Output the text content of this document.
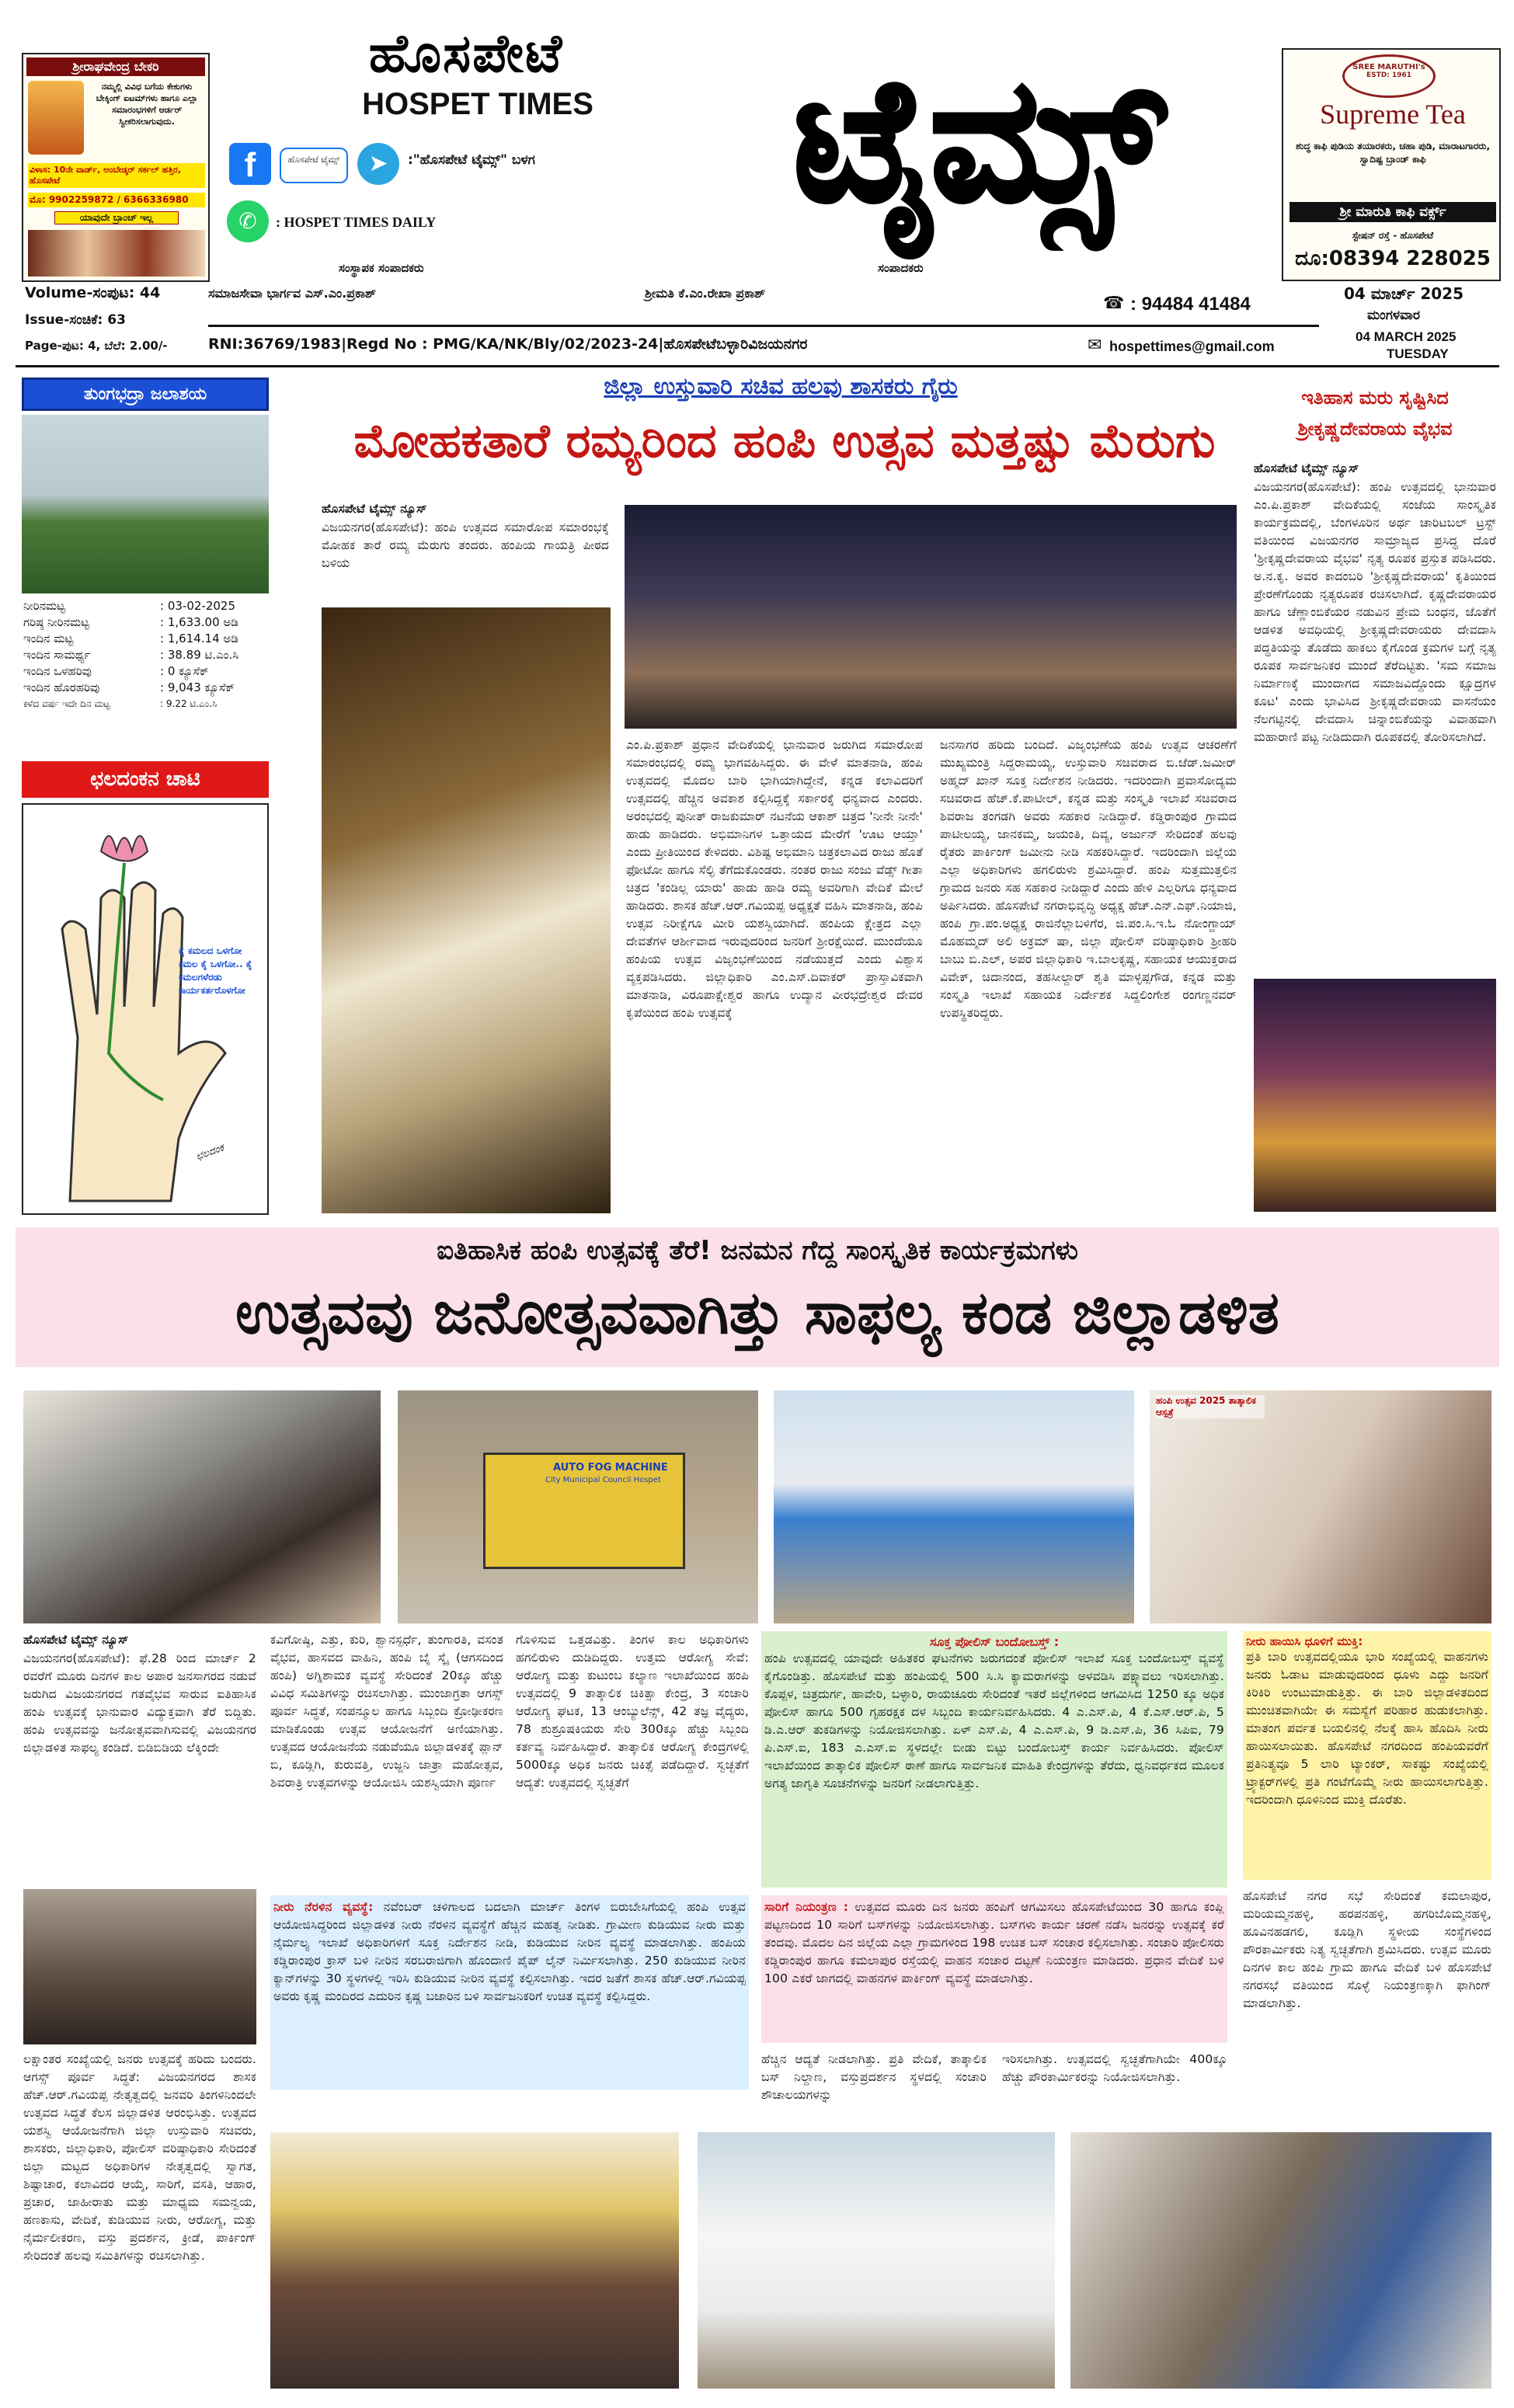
ಶ್ರೀರಾಘವೇಂದ್ರ ಬೇಕರಿ
ನಮ್ಮಲ್ಲಿ ವಿವಿಧ ಬಗೆಯ ಕೇಕುಗಳು ಬೇಕ್ಕಿಂಗ್ ಐಟಮ್‌ಗಳು ಹಾಗೂ ಎಲ್ಲಾ ಸಮಾರಂಭಗಳಿಗೆ ಆರ್ಡರ್ ಸ್ವೀಕರಿಸಲಾಗುವುದು.
ವಿಳಾಸ: 10ನೇ ವಾರ್ಡ್, ಅಂಬೇಡ್ಕರ್ ಸರ್ಕಲ್ ಹತ್ತಿರ, ಹೊಸಪೇಟೆ
ಮೊ: 9902259872 / 6366336980
ಯಾವುದೇ ಬ್ರಾಂಚ್ ಇಲ್ಲ
ಹೊಸಪೇಟೆ
HOSPET TIMES	ಟೈಮ್ಸ್
f	ಹೊಸಪೇಟೆ ಟೈಮ್ಸ್	➤	:"ಹೊಸಪೇಟೆ ಟೈಮ್ಸ್" ಬಳಗ
✆	: HOSPET TIMES DAILY
ಸಂಸ್ಥಾಪಕ ಸಂಪಾದಕರು	ಸಂಪಾದಕರು
SREE MARUTHI's
ESTD: 1961
Supreme Tea
ಶುದ್ಧ ಕಾಫಿ ಪುಡಿಯ ತಯಾರಕರು, ಚಹಾ ಪುಡಿ, ಮಾರಾಟಗಾರರು, ಸ್ವಾದಿಷ್ಟ ಬ್ರಾಂಡ್ ಕಾಫಿ
ಶ್ರೀ ಮಾರುತಿ ಕಾಫಿ ವರ್ಕ್ಸ್
ಸ್ಟೇಷನ್ ರಸ್ತೆ - ಹೊಸಪೇಟೆ
ದೂ:08394 228025
Volume-ಸಂಪುಟ: 44
Issue-ಸಂಚಿಕೆ: 63
Page-ಪುಟ: 4, ಬೆಲೆ: 2.00/-
ಸಮಾಜಸೇವಾ ಭಾರ್ಗವ ಎಸ್.ಎಂ.ಪ್ರಕಾಶ್	ಶ್ರೀಮತಿ ಕೆ.ಎಂ.ರೇಖಾ ಪ್ರಕಾಶ್
☎ : 94484 41484	04 ಮಾರ್ಚ್ 2025
ಮಂಗಳವಾರ
RNI:36769/1983|Regd No : PMG/KA/NK/Bly/02/2023-24|ಹೊಸಪೇಟೆಬಳ್ಳಾರಿವಿಜಯನಗರ	✉ hospettimes@gmail.com
04 MARCH 2025
TUESDAY
ತುಂಗಭದ್ರಾ ಜಲಾಶಯ
ನೀರಿನಮಟ್ಟ	: 03-02-2025
ಗರಿಷ್ಠ ನೀರಿನಮಟ್ಟ	: 1,633.00 ಅಡಿ
ಇಂದಿನ ಮಟ್ಟ	: 1,614.14 ಅಡಿ
ಇಂದಿನ ಸಾಮರ್ಥ್ಯ	: 38.89 ಟಿ.ಎಂ.ಸಿ
ಇಂದಿನ ಒಳಹರಿವು	: 0 ಕ್ಯೂಸೆಕ್
ಇಂದಿನ ಹೊರಹರಿವು	: 9,043 ಕ್ಯೂಸೆಕ್
ಕಳೆದ ವರ್ಷ ಇದೇ ದಿನ ಮಟ್ಟ	: 9.22 ಟಿ.ಎಂ.ಸಿ
ಛಲದಂಕನ ಚಾಟಿ
ಕೈ ಕಮಲದ ಒಳಗೋ ಕಮಲ ಕೈ ಒಳಗೋ.. ಕೈ ಕಮಲಗಳೆರಡು ಕಾರ್ಯಕರ್ತರೊಳಗೋ
ಛಲದಂಕ
ಜಿಲ್ಲಾ ಉಸ್ತುವಾರಿ ಸಚಿವ ಹಲವು ಶಾಸಕರು ಗೈರು
ಮೋಹಕತಾರೆ ರಮ್ಯರಿಂದ ಹಂಪಿ ಉತ್ಸವ ಮತ್ತಷ್ಟು ಮೆರುಗು
ಹೊಸಪೇಟೆ ಟೈಮ್ಸ್ ನ್ಯೂಸ್
ವಿಜಯನಗರ(ಹೊಸಪೇಟೆ): ಹಂಪಿ ಉತ್ಸವದ ಸಮಾರೋಪ ಸಮಾರಂಭಕ್ಕೆ ಮೋಹಕ ತಾರೆ ರಮ್ಯ ಮೆರುಗು ತಂದರು. ಹಂಪಿಯ ಗಾಯತ್ರಿ ಪೀಠದ ಬಳಿಯ
ಎಂ.ಪಿ.ಪ್ರಕಾಶ್ ಪ್ರಧಾನ ವೇದಿಕೆಯಲ್ಲಿ ಭಾನುವಾರ ಜರುಗಿದ ಸಮಾರೋಪ ಸಮಾರಂಭದಲ್ಲಿ ರಮ್ಯ ಭಾಗವಹಿಸಿದ್ದರು. ಈ ವೇಳೆ ಮಾತನಾಡಿ, ಹಂಪಿ ಉತ್ಸವದಲ್ಲಿ ಮೊದಲ ಬಾರಿ ಭಾಗಿಯಾಗಿದ್ದೇನೆ, ಕನ್ನಡ ಕಲಾವಿದರಿಗೆ ಉತ್ಸವದಲ್ಲಿ ಹೆಚ್ಚಿನ ಅವಕಾಶ ಕಲ್ಪಿಸಿದ್ದಕ್ಕೆ ಸರ್ಕಾರಕ್ಕೆ ಧನ್ಯವಾದ ಎಂದರು. ಅರಂಭದಲ್ಲಿ ಪುನೀತ್ ರಾಜಕುಮಾರ್ ನಟನೆಯ ಆಕಾಶ್ ಚಿತ್ರದ 'ನೀನೇ ನೀನೇ' ಹಾಡು ಹಾಡಿದರು. ಅಭಿಮಾನಿಗಳ ಒತ್ತಾಯದ ಮೇರೆಗೆ 'ಊಟ ಆಯ್ತಾ' ಎಂದು ಪ್ರೀತಿಯಿಂದ ಕೇಳಿದರು. ವಿಶಿಷ್ಟ ಅಭಿಮಾನಿ ಚಿತ್ರಕಲಾವಿದ ರಾಜು ಹೊತೆ ಫೋಟೋ ಹಾಗೂ ಸೆಲ್ಫಿ ತೆಗೆದುಕೊಂಡರು. ನಂತರ ರಾಜು ಸಂಜು ವೆಡ್ಸ್ ಗೀತಾ ಚಿತ್ರದ 'ಕಂಡಿಲ್ಲ ಯಾರು' ಹಾಡು ಹಾಡಿ ರಮ್ಯ ಅವರಿಗಾಗಿ ವೇದಿಕೆ ಮೇಲೆ ಹಾಡಿದರು. ಶಾಸಕ ಹೆಚ್.ಆರ್.ಗವಿಯಪ್ಪ ಅಧ್ಯಕ್ಷತೆ ವಹಿಸಿ ಮಾತನಾಡಿ, ಹಂಪಿ ಉತ್ಸವ ನಿರೀಕ್ಷೆಗೂ ಮೀರಿ ಯಶಸ್ವಿಯಾಗಿದೆ. ಹಂಪಿಯ ಕ್ಷೇತ್ರದ ಎಲ್ಲಾ ದೇವತೆಗಳ ಆರ್ಶೀವಾದ ಇರುವುದರಿಂದ ಜನರಿಗೆ ಶ್ರೀರಕ್ಷೆಯಿದೆ. ಮುಂದೆಯೂ ಹಂಪಿಯ ಉತ್ಸವ ವಿಜೃಂಭಣೆಯಿಂದ ನಡೆಯುತ್ತದೆ ಎಂದು ವಿಶ್ವಾಸ ವ್ಯಕ್ತಪಡಿಸಿದರು. ಜಿಲ್ಲಾಧಿಕಾರಿ ಎಂ.ಎಸ್.ದಿವಾಕರ್ ಪ್ರಾಸ್ತಾವಿಕವಾಗಿ ಮಾತನಾಡಿ, ವಿರೂಪಾಕ್ಷೇಶ್ವರ ಹಾಗೂ ಉದ್ಯಾನ ವೀರಭದ್ರೇಶ್ವರ ದೇವರ ಕೃಪೆಯಿಂದ ಹಂಪಿ ಉತ್ಸವಕ್ಕೆ
ಜನಸಾಗರ ಹರಿದು ಬಂದಿದೆ. ವಿಜೃಂಭಣೆಯ ಹಂಪಿ ಉತ್ಸವ ಆಚರಣೆಗೆ ಮುಖ್ಯಮಂತ್ರಿ ಸಿದ್ದರಾಮಯ್ಯ, ಉಸ್ತುವಾರಿ ಸಚಿವರಾದ ಬಿ.ಜೆಡ್.ಜಮೀರ್ ಅಹ್ಮದ್ ಖಾನ್ ಸೂಕ್ತ ನಿರ್ದೇಶನ ನೀಡಿದರು. ಇದರಿಂದಾಗಿ ಪ್ರವಾಸೋದ್ಯಮ ಸಚಿವರಾದ ಹೆಚ್.ಕೆ.ಪಾಟೀಲ್, ಕನ್ನಡ ಮತ್ತು ಸಂಸ್ಕೃತಿ ಇಲಾಖೆ ಸಚಿವರಾದ ಶಿವರಾಜ ತಂಗಡಗಿ ಅವರು ಸಹಕಾರ ನೀಡಿದ್ದಾರೆ. ಕಡ್ಡಿರಾಂಪುರ ಗ್ರಾಮದ ಪಾಟೀಲಯ್ಯ, ಜಾನಕಮ್ಮ, ಜಯಂತಿ, ದಿವ್ಯ, ಅರ್ಜುನ್ ಸೇರಿದಂತೆ ಹಲವು ರೈತರು ಪಾರ್ಕಿಂಗ್ ಜಮೀನು ನೀಡಿ ಸಹಕರಿಸಿದ್ದಾರೆ. ಇದರಿಂದಾಗಿ ಜಿಲ್ಲೆಯ ಎಲ್ಲಾ ಅಧಿಕಾರಿಗಳು ಹಗಲಿರುಳು ಶ್ರಮಿಸಿದ್ದಾರೆ. ಹಂಪಿ ಸುತ್ತಮುತ್ತಲಿನ ಗ್ರಾಮದ ಜನರು ಸಹ ಸಹಕಾರ ನೀಡಿದ್ದಾರೆ ಎಂದು ಹೇಳಿ ಎಲ್ಲರಿಗೂ ಧನ್ಯವಾದ ಅರ್ಪಿಸಿದರು. ಹೊಸಪೇಟೆ ನಗರಾಭಿವೃದ್ಧಿ ಅಧ್ಯಕ್ಷ ಹೆಚ್.ಎನ್.ಎಫ್.ನಿಯಾಜಿ, ಹಂಪಿ ಗ್ರಾ.ಪಂ.ಅಧ್ಯಕ್ಷ ರಾಜಿನೆಲ್ಲಾಬಳಿಗೆರ, ಜಿ.ಪಂ.ಸಿ.ಇ.ಓ ನೋಂಗ್ಜಾಯ್ ಮೊಹಮ್ಮದ್ ಅಲಿ ಅಕ್ರಮ್ ಷಾ, ಜಿಲ್ಲಾ ಪೋಲಿಸ್ ವರಿಷ್ಠಾಧಿಕಾರಿ ಶ್ರೀಹರಿ ಬಾಬು ಬಿ.ಎಲ್, ಅಪರ ಜಿಲ್ಲಾಧಿಕಾರಿ ಇ.ಬಾಲಕೃಷ್ಣ, ಸಹಾಯಕ ಆಯುಕ್ತರಾದ ವಿವೇಕ್, ಚಿದಾನಂದ, ತಹಸೀಲ್ದಾರ್ ಶೃತಿ ಮಾಳ್ಳಪ್ಪಗೌಡ, ಕನ್ನಡ ಮತ್ತು ಸಂಸ್ಕೃತಿ ಇಲಾಖೆ ಸಹಾಯಕ ನಿರ್ದೇಶಕ ಸಿದ್ದಲಿಂಗೇಶ ರಂಗಣ್ಣನವರ್ ಉಪಸ್ಥಿತರಿದ್ದರು.
ಇತಿಹಾಸ ಮರು ಸೃಷ್ಟಿಸಿದ ಶ್ರೀಕೃಷ್ಣದೇವರಾಯ ವೈಭವ
ಹೊಸಪೇಟೆ ಟೈಮ್ಸ್ ನ್ಯೂಸ್
ವಿಜಯನಗರ(ಹೊಸಪೇಟೆ): ಹಂಪಿ ಉತ್ಸವದಲ್ಲಿ ಭಾನುವಾರ ಎಂ.ಪಿ.ಪ್ರಕಾಶ್ ವೇದಿಕೆಯಲ್ಲಿ ಸಂಜೆಯ ಸಾಂಸ್ಕೃತಿಕ ಕಾರ್ಯಕ್ರಮದಲ್ಲಿ, ಬೆಂಗಳೂರಿನ ಅರ್ಥ ಚಾರಿಟಬಲ್ ಟ್ರಸ್ಟ್ ವತಿಯಿಂದ ವಿಜಯನಗರ ಸಾಮ್ರಾಜ್ಯದ ಪ್ರಸಿದ್ಧ ದೊರೆ 'ಶ್ರೀಕೃಷ್ಣದೇವರಾಯ ವೈಭವ' ನೃತ್ಯ ರೂಪಕ ಪ್ರಸ್ತುತ ಪಡಿಸಿದರು. ಅ.ನ.ಕೃ. ಅವರ ಕಾದಂಬರಿ 'ಶ್ರೀಕೃಷ್ಣದೇವರಾಯ' ಕೃತಿಯಿಂದ ಪ್ರೇರಣೆಗೊಂಡು ನೃತ್ಯರೂಪಕ ರಚಿಸಲಾಗಿದೆ. ಕೃಷ್ಣದೇವರಾಯರ ಹಾಗೂ ಚೆಣ್ಣಾಂಬಿಕೆಯರ ನಡುವಿನ ಪ್ರೇಮ ಬಂಧನ, ಜೊತೆಗೆ ಆಡಳಿತ ಅವಧಿಯಲ್ಲಿ ಶ್ರೀಕೃಷ್ಣದೇವರಾಯರು ದೇವದಾಸಿ ಪದ್ಧತಿಯನ್ನು ತೊಡೆದು ಹಾಕಲು ಕೈಗೊಂಡ ಕ್ರಮಗಳ ಬಗ್ಗೆ ನೃತ್ಯ ರೂಪಕ ಸಾರ್ವಜನಿಕರ ಮುಂದೆ ತೆರೆದಿಟ್ಟಿತು. 'ಸಮ ಸಮಾಜ ನಿರ್ಮಾಣಕ್ಕೆ ಮುಂದಾಗದ ಸಮಾಜವಿದ್ದೊಂದು ಕ್ಷೂದ್ರಗಳ ಕೂಟ' ಎಂದು ಭಾವಿಸಿದ ಶ್ರೀಕೃಷ್ಣದೇವರಾಯ ವಾಸನೆಯಂ ನೆಲಗಟ್ಟಿನಲ್ಲಿ ದೇವದಾಸಿ ಚಿನ್ನಾಂಬಿಕೆಯನ್ನು ವಿವಾಹವಾಗಿ ಮಹಾರಾಣಿ ಪಟ್ಟ ನೀಡಿದುದಾಗಿ ರೂಪಕದಲ್ಲಿ ತೋರಿಸಲಾಗಿದೆ.
ಐತಿಹಾಸಿಕ ಹಂಪಿ ಉತ್ಸವಕ್ಕೆ ತೆರೆ! ಜನಮನ ಗೆದ್ದ ಸಾಂಸ್ಕೃತಿಕ ಕಾರ್ಯಕ್ರಮಗಳು
ಉತ್ಸವವು ಜನೋತ್ಸವವಾಗಿತ್ತು ಸಾಫಲ್ಯ ಕಂಡ ಜಿಲ್ಲಾಡಳಿತ
AUTO FOG MACHINE
City Municipal Council Hospet
ಹಂಪಿ ಉತ್ಸವ 2025 ತಾತ್ಕಾಲಿಕ ಆಸ್ಪತ್ರೆ
ಹೊಸಪೇಟೆ ಟೈಮ್ಸ್ ನ್ಯೂಸ್
ವಿಜಯನಗರ(ಹೊಸಪೇಟೆ): ಫೆ.28 ರಿಂದ ಮಾರ್ಚ್ 2 ರವರೆಗೆ ಮೂರು ದಿನಗಳ ಕಾಲ ಅಪಾರ ಜನಸಾಗರದ ನಡುವೆ ಜರುಗಿದ ವಿಜಯನಗರದ ಗತವೈಭವ ಸಾರುವ ಐತಿಹಾಸಿಕ ಹಂಪಿ ಉತ್ಸವಕ್ಕೆ ಭಾನುವಾರ ವಿದ್ಯುಕ್ತವಾಗಿ ತೆರೆ ಬಿದ್ದಿತು. ಹಂಪಿ ಉತ್ಸವವನ್ನು ಜನೋತ್ಸವವಾಗಿಸುವಲ್ಲಿ ವಿಜಯನಗರ ಜಿಲ್ಲಾಡಳಿತ ಸಾಫಲ್ಯ ಕಂಡಿದೆ. ಬಿಡಿಬಿಡಿಯ ಲೆಕ್ಕಿಂದೇ
ಲಕ್ಷಾಂತರ ಸಂಖ್ಯೆಯಲ್ಲಿ ಜನರು ಉತ್ಸವಕ್ಕೆ ಹರಿದು ಬಂದರು. ಆಗಸ್ಸ್ ಪೂರ್ವ ಸಿದ್ಧತೆ: ವಿಜಯನಗರದ ಶಾಸಕ ಹೆಚ್.ಆರ್.ಗವಿಯಪ್ಪ ನೇತೃತ್ವದಲ್ಲಿ ಜನವರಿ ತಿಂಗಳಿನಿಂದಲೇ ಉತ್ಸವದ ಸಿದ್ಧತೆ ಕೆಲಸ ಜಿಲ್ಲಾಡಳಿತ ಆರಂಭಿಸಿತ್ತು. ಉತ್ಸವದ ಯಶಸ್ವಿ ಆಯೋಜನೆಗಾಗಿ ಜಿಲ್ಲಾ ಉಸ್ತುವಾರಿ ಸಚಿವರು, ಶಾಸಕರು, ಜಿಲ್ಲಾಧಿಕಾರಿ, ಪೋಲಿಸ್ ವರಿಷ್ಠಾಧಿಕಾರಿ ಸೇರಿದಂತೆ ಜಿಲ್ಲಾ ಮಟ್ಟದ ಅಧಿಕಾರಿಗಳ ನೇತೃತ್ವದಲ್ಲಿ ಸ್ವಾಗತ, ಶಿಷ್ಟಾಚಾರ, ಕಲಾವಿದರ ಆಯ್ಕೆ, ಸಾರಿಗೆ, ವಸತಿ, ಆಹಾರ, ಪ್ರಚಾರ, ಜಾಹೀರಾತು ಮತ್ತು ಮಾಧ್ಯಮ ಸಮನ್ವಯ, ಹಣಕಾಸು, ವೇದಿಕೆ, ಕುಡಿಯುವ ನೀರು, ಆರೋಗ್ಯ, ಮತ್ತು ನೈರ್ಮಲೀಕರಣ, ವಸ್ತು ಪ್ರದರ್ಶನ, ಕ್ರೀಡೆ, ಪಾರ್ಕಿಂಗ್ ಸೇರಿದಂತೆ ಹಲವು ಸಮಿತಿಗಳನ್ನು ರಚಿಸಲಾಗಿತ್ತು.
ಕವಿಗೋಷ್ಠಿ, ಎತ್ತು, ಕುರಿ, ಶ್ವಾನಸ್ಪರ್ಧೆ, ತುಂಗಾರತಿ, ವಸಂತ ವೈಭವ, ಹಾಸವದ ವಾಹಿನಿ, ಹಂಪಿ ಬೈ ಸ್ಕೈ (ಆಗಸದಿಂದ ಹಂಪಿ) ಅಗ್ನಿಶಾಮಕ ವ್ಯವಸ್ಥೆ ಸೇರಿದಂತೆ 20ಕ್ಕೂ ಹೆಚ್ಚು ವಿವಿಧ ಸಮಿತಿಗಳನ್ನು ರಚಿಸಲಾಗಿತ್ತು. ಮುಂಜಾಗ್ರತಾ ಆಗಸ್ಸ್ ಪೂರ್ವ ಸಿದ್ಧತೆ, ಸಂಪನ್ಮೂಲ ಹಾಗೂ ಸಿಬ್ಬಂದಿ ಕ್ರೋಢೀಕರಣ ಮಾಡಿಕೊಂಡು ಉತ್ಸವ ಆಯೋಜನೆಗೆ ಅಣಿಯಾಗಿತ್ತು. ಉತ್ಸವದ ಆಯೋಜನೆಯ ನಡುವೆಯೂ ಜಿಲ್ಲಾಡಳಿತಕ್ಕೆ ಪ್ಲಾನ್ ಬಿ, ಕೂಡ್ಲಿಗಿ, ಕುರುವತ್ತಿ, ಉಜ್ಜನಿ ಜಾತ್ರಾ ಮಹೋತ್ಸವ, ಶಿವರಾತ್ರಿ ಉತ್ಸವಗಳನ್ನು ಆಯೋಜಿಸಿ ಯಶಸ್ವಿಯಾಗಿ ಪೂರ್ಣ
ಗೊಳಿಸುವ ಒತ್ತಡವಿತ್ತು. ತಿಂಗಳ ಕಾಲ ಅಧಿಕಾರಿಗಳು ಹಗಲಿರುಳು ದುಡಿದಿದ್ದರು. ಉತ್ತಮ ಆರೋಗ್ಯ ಸೇವೆ: ಆರೋಗ್ಯ ಮತ್ತು ಕುಟುಂಬ ಕಲ್ಯಾಣ ಇಲಾಖೆಯಿಂದ ಹಂಪಿ ಉತ್ಸವದಲ್ಲಿ 9 ತಾತ್ಕಾಲಿಕ ಚಿಕಿತ್ಸಾ ಕೇಂದ್ರ, 3 ಸಂಚಾರಿ ಆರೋಗ್ಯ ಘಟಕ, 13 ಆಂಬ್ಯುಲೆನ್ಸ್, 42 ತಜ್ಞ ವೈದ್ಯರು, 78 ಶುಶ್ರೂಷಕಿಯರು ಸೇರಿ 300ಕ್ಕೂ ಹೆಚ್ಚು ಸಿಬ್ಬಂದಿ ಕರ್ತವ್ಯ ನಿರ್ವಹಿಸಿದ್ದಾರೆ. ತಾತ್ಕಾಲಿಕ ಆರೋಗ್ಯ ಕೇಂದ್ರಗಳಲ್ಲಿ 5000ಕ್ಕೂ ಅಧಿಕ ಜನರು ಚಿಕಿತ್ಸೆ ಪಡೆದಿದ್ದಾರೆ. ಸ್ವಚ್ಛತೆಗೆ ಆದ್ಯತೆ: ಉತ್ಸವದಲ್ಲಿ ಸ್ವಚ್ಛತೆಗೆ
ಸೂಕ್ತ ಪೋಲಿಸ್ ಬಂದೋಬಸ್ತ್ :
ಹಂಪಿ ಉತ್ಸವದಲ್ಲಿ ಯಾವುದೇ ಅಹಿತಕರ ಘಟನೆಗಳು ಜರುಗದಂತೆ ಪೋಲಿಸ್ ಇಲಾಖೆ ಸೂಕ್ತ ಬಂದೋಬಸ್ತ್ ವ್ಯವಸ್ಥೆ ಕೈಗೊಂಡಿತ್ತು. ಹೊಸಪೇಟೆ ಮತ್ತು ಹಂಪಿಯಲ್ಲಿ 500 ಸಿ.ಸಿ ಕ್ಯಾಮರಾಗಳನ್ನು ಅಳವಡಿಸಿ ಪಕ್ಷ್ಯಾವಲು ಇರಿಸಲಾಗಿತ್ತು. ಕೊಪ್ಪಳ, ಚಿತ್ರದುರ್ಗ, ಹಾವೇರಿ, ಬಳ್ಳಾರಿ, ರಾಯಚೂರು ಸೇರಿದಂತೆ ಇತರೆ ಜಿಲ್ಲೆಗಳಿಂದ ಆಗಮಿಸಿದ 1250 ಕ್ಕೂ ಅಧಿಕ ಪೋಲಿಸ್ ಹಾಗೂ 500 ಗೃಹರಕ್ಷಕ ದಳ ಸಿಬ್ಬಂದಿ ಕಾರ್ಯನಿರ್ವಹಿಸಿದರು. 4 ಎ.ಎಸ್.ಪಿ, 4 ಕೆ.ಎಸ್.ಆರ್.ಪಿ, 5 ಡಿ.ಎ.ಆರ್ ತುಕಡಿಗಳನ್ನು ನಿಯೋಜಿಸಲಾಗಿತ್ತು. ಏಳ್ ಎಸ್.ಪಿ, 4 ಎ.ಎಸ್.ಪಿ, 9 ಡಿ.ಎಸ್.ಪಿ, 36 ಸಿಪಿಐ, 79 ಪಿ.ಎಸ್.ಐ, 183 ಎ.ಎಸ್.ಐ ಸ್ಥಳದಲ್ಲೇ ಬೀಡು ಬಿಟ್ಟು ಬಂದೋಬಸ್ತ್ ಕಾರ್ಯ ನಿರ್ವಹಿಸಿದರು. ಪೋಲಿಸ್ ಇಲಾಖೆಯಿಂದ ತಾತ್ಕಾಲಿಕ ಪೋಲಿಸ್ ಠಾಣೆ ಹಾಗೂ ಸಾರ್ವಜನಿಕ ಮಾಹಿತಿ ಕೇಂದ್ರಗಳನ್ನು ತೆರೆದು, ಧ್ವನಿವರ್ಧಕದ ಮೂಲಕ ಅಗತ್ಯ ಜಾಗೃತಿ ಸೂಚನೆಗಳನ್ನು ಜನರಿಗೆ ನೀಡಲಾಗುತ್ತಿತ್ತು.
ನೀರು ನೆರಳಿನ ವ್ಯವಸ್ಥೆ: ನವೆಂಬರ್ ಚಳಿಗಾಲದ ಬದಲಾಗಿ ಮಾರ್ಚ್ ತಿಂಗಳ ಬಿರುಬೇಸಿಗೆಯಲ್ಲಿ ಹಂಪಿ ಉತ್ಸವ ಆಯೋಜಿಸಿದ್ದರಿಂದ ಜಿಲ್ಲಾಡಳಿತ ನೀರು ನೆರಳಿನ ವ್ಯವಸ್ಥೆಗೆ ಹೆಚ್ಚಿನ ಮಹತ್ವ ನೀಡಿತು. ಗ್ರಾಮೀಣ ಕುಡಿಯುವ ನೀರು ಮತ್ತು ನೈರ್ಮಲ್ಯ ಇಲಾಖೆ ಅಧಿಕಾರಿಗಳಿಗೆ ಸೂಕ್ತ ನಿರ್ದೇಶನ ನೀಡಿ, ಕುಡಿಯುವ ನೀರಿನ ವ್ಯವಸ್ಥೆ ಮಾಡಲಾಗಿತ್ತು. ಹಂಪಿಯ ಕಡ್ಡಿರಾಂಪುರ ಕ್ರಾಸ್ ಬಳಿ ನೀರಿನ ಸರಬರಾಜಿಗಾಗಿ ಹೊಂದಾಣಿ ಪೈಪ್ ಲೈನ್ ನಿರ್ಮಿಸಲಾಗಿತ್ತು. 250 ಕುಡಿಯುವ ನೀರಿನ ಕ್ಯಾನ್‌ಗಳನ್ನು 30 ಸ್ಥಳಗಳಲ್ಲಿ ಇರಿಸಿ ಕುಡಿಯುವ ನೀರಿನ ವ್ಯವಸ್ಥೆ ಕಲ್ಪಿಸಲಾಗಿತ್ತು. ಇದರ ಜತೆಗೆ ಶಾಸಕ ಹೆಚ್.ಆರ್.ಗವಿಯಪ್ಪ ಅವರು ಕೃಷ್ಣ ಮಂದಿರದ ಎದುರಿನ ಕೃಷ್ಣ ಬಜಾರಿನ ಬಳಿ ಸಾರ್ವಜನಿಕರಿಗೆ ಉಚಿತ ವ್ಯವಸ್ಥೆ ಕಲ್ಪಿಸಿದ್ದರು.
ಸಾರಿಗೆ ನಿಯಂತ್ರಣ : ಉತ್ಸವದ ಮೂರು ದಿನ ಜನರು ಹಂಪಿಗೆ ಆಗಮಿಸಲು ಹೊಸಪೇಟೆಯಿಂದ 30 ಹಾಗೂ ಕಂಪ್ಲಿ ಪಟ್ಟಣದಿಂದ 10 ಸಾರಿಗೆ ಬಸ್‌ಗಳನ್ನು ನಿಯೋಜಿಸಲಾಗಿತ್ತು. ಬಸ್‌ಗಳು ಕಾರ್ಯ ಚರಣೆ ನಡೆಸಿ ಜನರನ್ನು ಉತ್ಸವಕ್ಕೆ ಕರೆ ತಂದವು. ಮೊದಲ ದಿನ ಜಿಲ್ಲೆಯ ಎಲ್ಲಾ ಗ್ರಾಮಗಳಿಂದ 198 ಉಚಿತ ಬಸ್ ಸಂಚಾರ ಕಲ್ಪಿಸಲಾಗಿತ್ತು. ಸಂಚಾರಿ ಪೋಲಿಸರು ಕಡ್ಡಿರಾಂಪುರ ಹಾಗೂ ಕಮಲಾಪುರ ರಸ್ತೆಯಲ್ಲಿ ವಾಹನ ಸಂಚಾರ ದಟ್ಟಣೆ ನಿಯಂತ್ರಣ ಮಾಡಿದರು. ಪ್ರಧಾನ ವೇದಿಕೆ ಬಳಿ 100 ಎಕರೆ ಜಾಗದಲ್ಲಿ ವಾಹನಗಳ ಪಾರ್ಕಿಂಗ್ ವ್ಯವಸ್ಥೆ ಮಾಡಲಾಗಿತ್ತು.
ಹೆಚ್ಚಿನ ಆದ್ಯತೆ ನೀಡಲಾಗಿತ್ತು. ಪ್ರತಿ ವೇದಿಕೆ, ತಾತ್ಕಾಲಿಕ ಬಸ್ ನಿಲ್ದಾಣ, ವಸ್ತುಪ್ರದರ್ಶನ ಸ್ಥಳದಲ್ಲಿ ಸಂಚಾರಿ ಶೌಚಾಲಯಗಳನ್ನು
ಇರಿಸಲಾಗಿತ್ತು. ಉತ್ಸವದಲ್ಲಿ ಸ್ವಚ್ಛತೆಗಾಗಿಯೇ 400ಕ್ಕೂ ಹೆಚ್ಚು ಪೌರಕಾರ್ಮಿಕರನ್ನು ನಿಯೋಜಿಸಲಾಗಿತ್ತು.
ನೀರು ಹಾಯಿಸಿ ಧೂಳಿಗೆ ಮುಕ್ತಿ:
ಪ್ರತಿ ಬಾರಿ ಉತ್ಸವದಲ್ಲಿಯೂ ಭಾರಿ ಸಂಖ್ಯೆಯಲ್ಲಿ ವಾಹನಗಳು ಜನರು ಓಡಾಟ ಮಾಡುವುದರಿಂದ ಧೂಳು ಎದ್ದು ಜನರಿಗೆ ಕಿರಿಕಿರಿ ಉಂಟುಮಾಡುತ್ತಿತ್ತು. ಈ ಬಾರಿ ಜಿಲ್ಲಾಡಳಿತದಿಂದ ಮುಂಚಿತವಾಗಿಯೇ ಈ ಸಮಸ್ಯೆಗೆ ಪರಿಹಾರ ಹುಡುಕಲಾಗಿತ್ತು. ಮಾತಂಗ ಪರ್ವತ ಬಯಲಿನಲ್ಲಿ ನೆಲಕ್ಕೆ ಹಾಸಿ ಹೊದಿಸಿ ನೀರು ಹಾಯಿಸಲಾಯಿತು. ಹೊಸಪೇಟೆ ನಗರದಿಂದ ಹಂಪಿಯವರೆಗೆ ಪ್ರತಿನಿತ್ಯವೂ 5 ಲಾರಿ ಟ್ಯಾಂಕರ್, ಸಾಕಷ್ಟು ಸಂಖ್ಯೆಯಲ್ಲಿ ಟ್ರ್ಯಾಕ್ಟರ್‌ಗಳಲ್ಲಿ ಪ್ರತಿ ಗಂಟೆಗೊಮ್ಮೆ ನೀರು ಹಾಯಿಸಲಾಗುತ್ತಿತ್ತು. ಇದರಿಂದಾಗಿ ಧೂಳಿನಿಂದ ಮುಕ್ತಿ ದೊರೆತು.
ಹೊಸಪೇಟೆ ನಗರ ಸಭೆ ಸೇರಿದಂತೆ ಕಮಲಾಪುರ, ಮರಿಯಮ್ಮನಹಳ್ಳಿ, ಹರಪನಹಳ್ಳಿ, ಹಗರಿಬೊಮ್ಮನಹಳ್ಳಿ, ಹೂವಿನಹಡಗಲಿ, ಕೂಡ್ಲಿಗಿ ಸ್ಥಳೀಯ ಸಂಸ್ಥೆಗಳಿಂದ ಪೌರಕಾರ್ಮಿಕರು ನಿತ್ಯ ಸ್ವಚ್ಛತೆಗಾಗಿ ಶ್ರಮಿಸಿದರು. ಉತ್ಸವ ಮೂರು ದಿನಗಳ ಕಾಲ ಹಂಪಿ ಗ್ರಾಮ ಹಾಗೂ ವೇದಿಕೆ ಬಳಿ ಹೊಸಪೇಟೆ ನಗರಸಭೆ ವತಿಯಿಂದ ಸೊಳ್ಳೆ ನಿಯಂತ್ರಣಕ್ಕಾಗಿ ಫಾಗಿಂಗ್ ಮಾಡಲಾಗಿತ್ತು.
